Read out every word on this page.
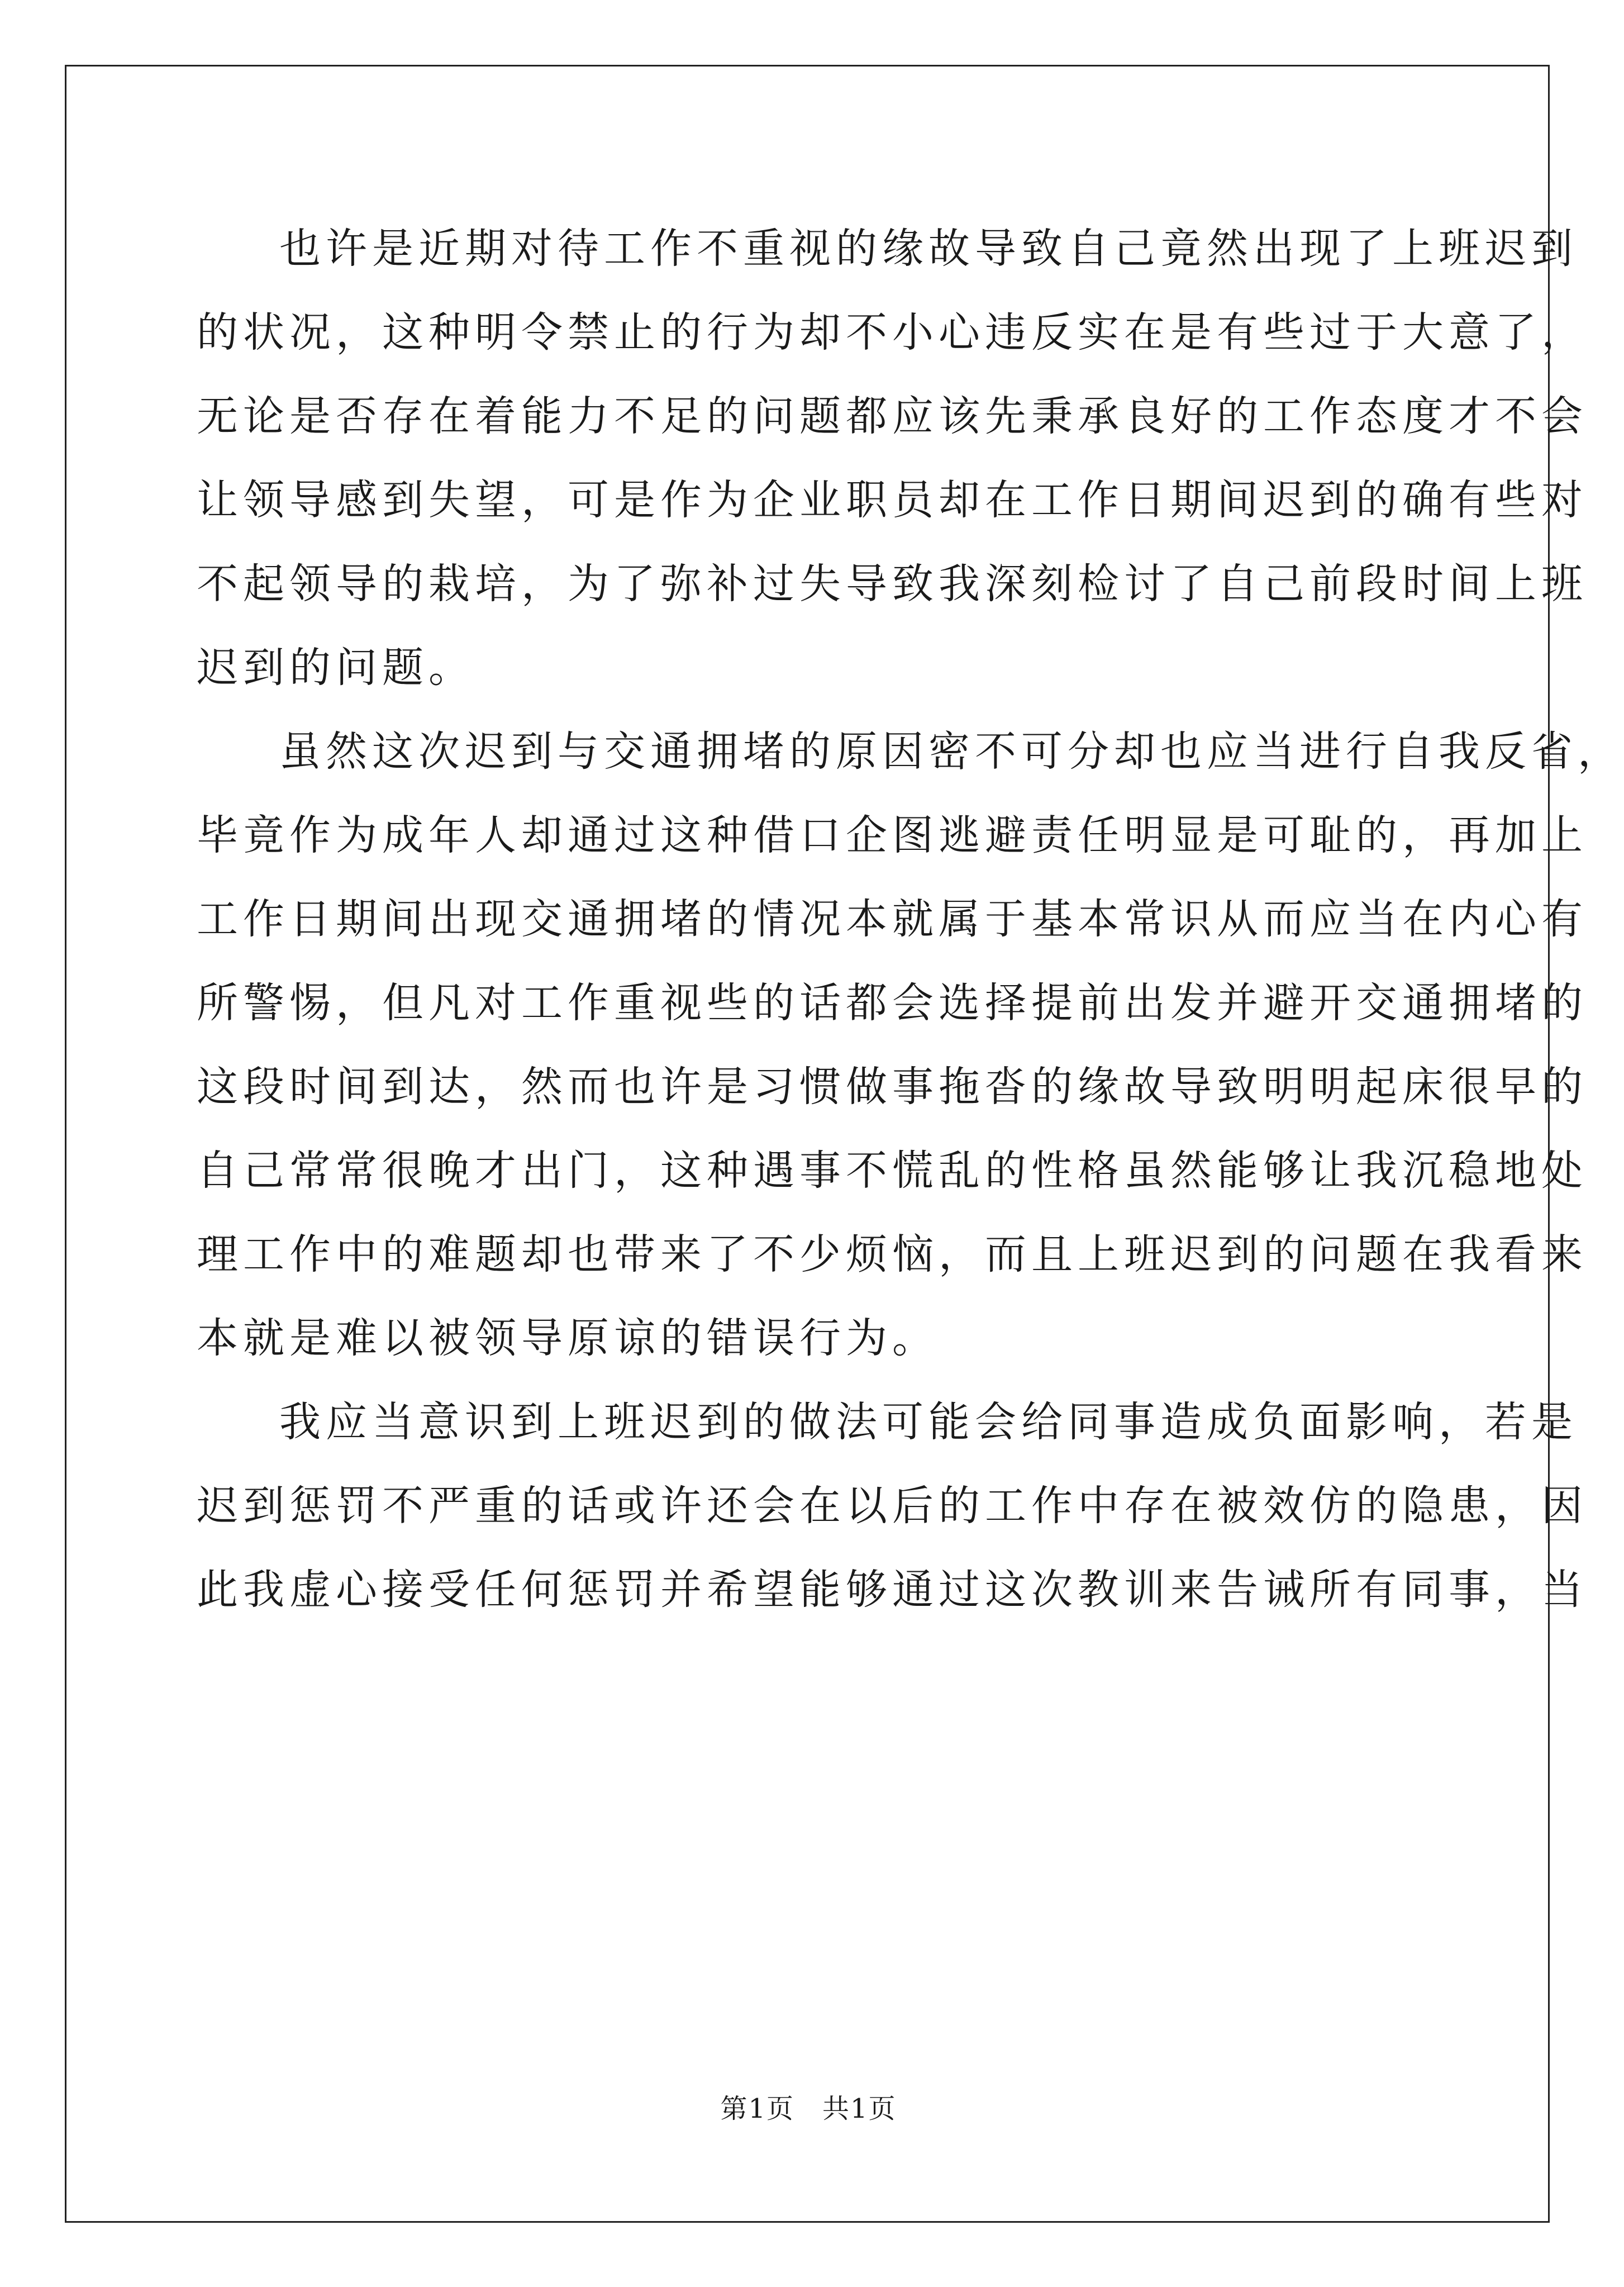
也许是近期对待工作不重视的缘故导致自己竟然出现了上班迟到
的状况，这种明令禁止的行为却不小心违反实在是有些过于大意了，
无论是否存在着能力不足的问题都应该先秉承良好的工作态度才不会
让领导感到失望，可是作为企业职员却在工作日期间迟到的确有些对
不起领导的栽培，为了弥补过失导致我深刻检讨了自己前段时间上班
迟到的问题。
虽然这次迟到与交通拥堵的原因密不可分却也应当进行自我反省，
毕竟作为成年人却通过这种借口企图逃避责任明显是可耻的，再加上
工作日期间出现交通拥堵的情况本就属于基本常识从而应当在内心有
所警惕，但凡对工作重视些的话都会选择提前出发并避开交通拥堵的
这段时间到达，然而也许是习惯做事拖沓的缘故导致明明起床很早的
自己常常很晚才出门，这种遇事不慌乱的性格虽然能够让我沉稳地处
理工作中的难题却也带来了不少烦恼，而且上班迟到的问题在我看来
本就是难以被领导原谅的错误行为。
我应当意识到上班迟到的做法可能会给同事造成负面影响，若是
迟到惩罚不严重的话或许还会在以后的工作中存在被效仿的隐患，因
此我虚心接受任何惩罚并希望能够通过这次教训来告诫所有同事，当
第1页 共1页
